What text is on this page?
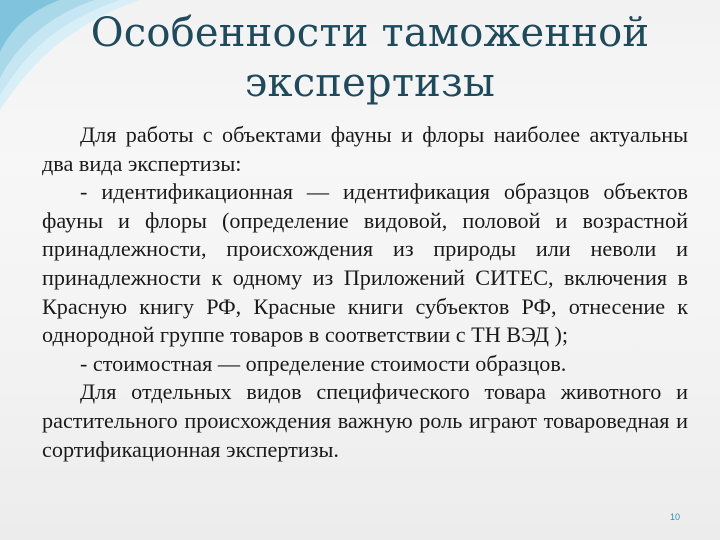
Особенности таможенной
экспертизы

Для работы с объектами фауны и флоры наиболее актуальны два вида экспертизы:

- идентификационная — идентификация образцов объектов фауны и флоры (определение видовой, половой и возрастной принадлежности, происхождения из природы или неволи и принадлежности к одному из Приложений СИТЕС, включения в Красную книгу РФ, Красные книги субъектов РФ, отнесение к однородной группе товаров в соответствии с ТН ВЭД );

- стоимостная — определение стоимости образцов.

Для отдельных видов специфического товара животного и растительного происхождения важную роль играют товароведная и сортификационная экспертизы.

10
